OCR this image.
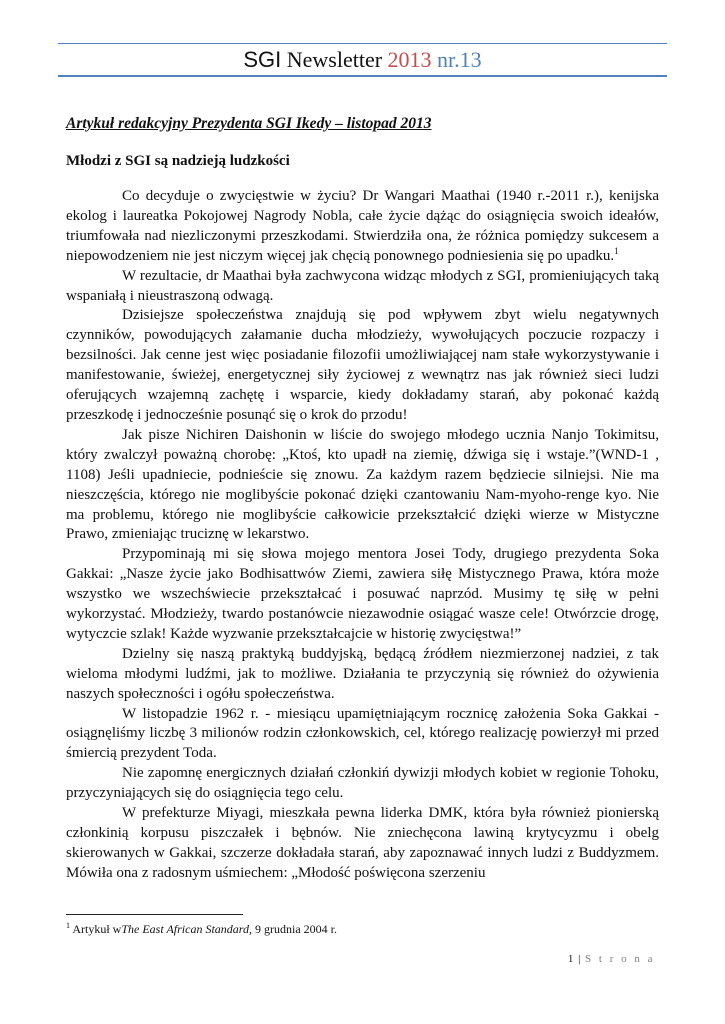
SGI Newsletter 2013 nr.13
Artykuł redakcyjny Prezydenta SGI Ikedy – listopad 2013
Młodzi z SGI są nadzieją ludzkości

Co decyduje o zwycięstwie w życiu? Dr Wangari Maathai (1940 r.-2011 r.), kenijska ekolog i laureatka Pokojowej Nagrody Nobla, całe życie dążąc do osiągnięcia swoich ideałów, triumfowała nad niezliczonymi przeszkodami. Stwierdziła ona, że różnica pomiędzy sukcesem a niepowodzeniem nie jest niczym więcej jak chęcią ponownego podniesienia się po upadku.$^1$

W rezultacie, dr Maathai była zachwycona widząc młodych z SGI, promieniujących taką wspaniałą i nieustraszoną odwagą.

Dzisiejsze społeczeństwa znajdują się pod wpływem zbyt wielu negatywnych czynników, powodujących załamanie ducha młodzieży, wywołujących poczucie rozpaczy i bezsilności. Jak cenne jest więc posiadanie filozofii umożliwiającej nam stałe wykorzystywanie i manifestowanie, świeżej, energetycznej siły życiowej z wewnątrz nas jak również sieci ludzi oferujących wzajemną zachętę i wsparcie, kiedy dokładamy starań, aby pokonać każdą przeszkodę i jednocześnie posunąć się o krok do przodu!

Jak pisze Nichiren Daishonin w liście do swojego młodego ucznia Nanjo Tokimitsu, który zwalczył poważną chorobę: „Ktoś, kto upadł na ziemię, dźwiga się i wstaje.”(WND-1 , 1108) Jeśli upadniecie, podnieście się znowu. Za każdym razem będziecie silniejsi. Nie ma nieszczęścia, którego nie moglibyście pokonać dzięki czantowaniu Nam-myoho-renge kyo. Nie ma problemu, którego nie moglibyście całkowicie przekształcić dzięki wierze w Mistyczne Prawo, zmieniając truciznę w lekarstwo.

Przypominają mi się słowa mojego mentora Josei Tody, drugiego prezydenta Soka Gakkai: „Nasze życie jako Bodhisattwów Ziemi, zawiera siłę Mistycznego Prawa, która może wszystko we wszechświecie przekształcać i posuwać naprzód. Musimy tę siłę w pełni wykorzystać. Młodzieży, twardo postanówcie niezawodnie osiągać wasze cele! Otwórzcie drogę, wytyczcie szlak! Każde wyzwanie przekształcajcie w historię zwycięstwa!”

Dzielny się naszą praktyką buddyjską, będącą źródłem niezmierzonej nadziei, z tak wieloma młodymi ludźmi, jak to możliwe. Działania te przyczynią się również do ożywienia naszych społeczności i ogółu społeczeństwa.

W listopadzie 1962 r. - miesiącu upamiętniającym rocznicę założenia Soka Gakkai - osiągnęliśmy liczbę 3 milionów rodzin członkowskich, cel, którego realizację powierzył mi przed śmiercią prezydent Toda.

Nie zapomnę energicznych działań członkiń dywizji młodych kobiet w regionie Tohoku, przyczyniających się do osiągnięcia tego celu.

W prefekturze Miyagi, mieszkała pewna liderka DMK, która była również pionierską członkinią korpusu piszczałek i bębnów. Nie zniechęcona lawiną krytycyzmu i obelg skierowanych w Gakkai, szczerze dokładała starań, aby zapoznawać innych ludzi z Buddyzmem. Mówiła ona z radosnym uśmiechem: „Młodość poświęcona szerzeniu

$^1$ Artykuł wThe East African Standard, 9 grudnia 2004 r.
1 | S t r o n a
